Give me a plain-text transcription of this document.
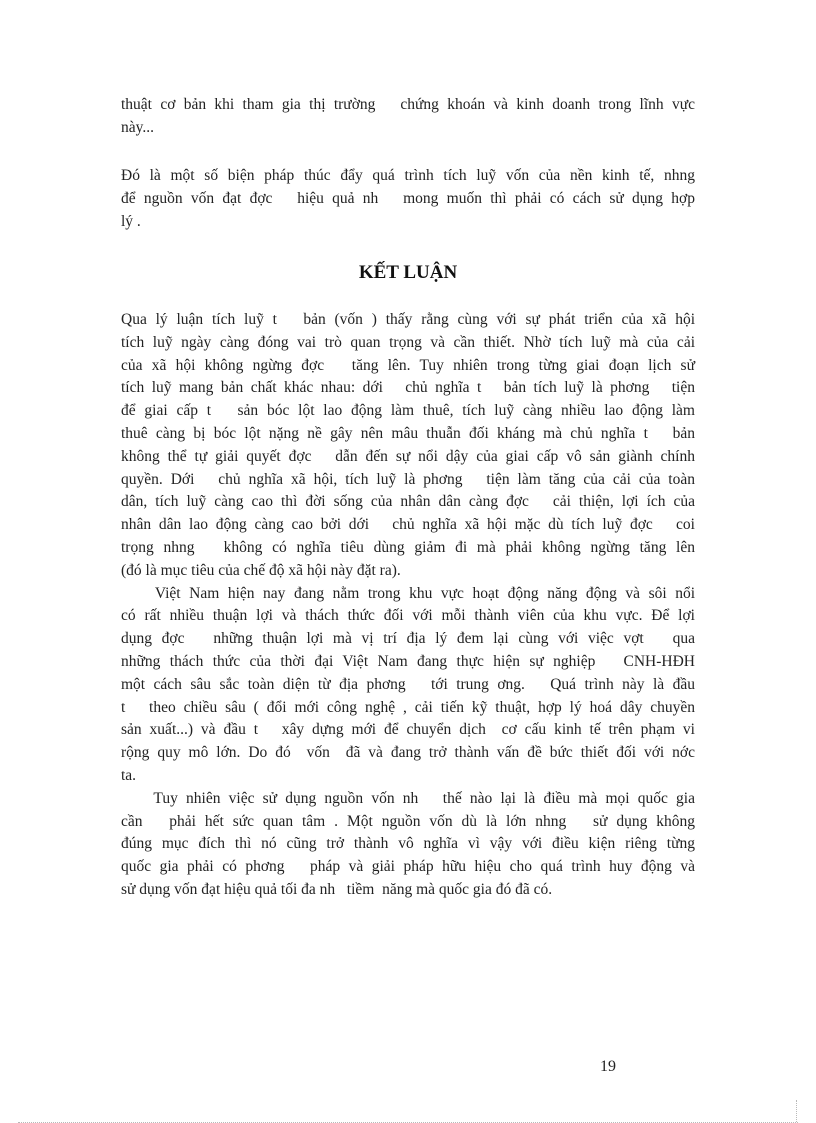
thuật cơ bản khi tham gia thị trường   chứng khoán và kinh doanh trong lĩnh vực
này...
Đó là một số biện pháp thúc đẩy quá trình tích luỹ vốn của nền kinh tế, nhng
để nguồn vốn đạt đợc   hiệu quả nh   mong muốn thì phải có cách sử dụng hợp
lý .
KẾT LUẬN
Qua lý luận tích luỹ t   bản (vốn ) thấy rằng cùng với sự phát triển của xã hội
tích luỹ ngày càng đóng vai trò quan trọng và cần thiết. Nhờ tích luỹ mà của cải
của xã hội không ngừng đợc   tăng lên. Tuy nhiên trong từng giai đoạn lịch sử
tích luỹ mang bản chất khác nhau: dới   chủ nghĩa t   bản tích luỹ là phơng   tiện
để giai cấp t   sản bóc lột lao động làm thuê, tích luỹ càng nhiều lao động làm
thuê càng bị bóc lột nặng nề gây nên mâu thuẫn đối kháng mà chủ nghĩa t   bản
không thể tự giải quyết đợc   dẫn đến sự nổi dậy của giai cấp vô sản giành chính
quyền. Dới   chủ nghĩa xã hội, tích luỹ là phơng   tiện làm tăng của cải của toàn
dân, tích luỹ càng cao thì đời sống của nhân dân càng đợc   cải thiện, lợi ích của
nhân dân lao động càng cao bởi dới   chủ nghĩa xã hội mặc dù tích luỹ đợc   coi
trọng nhng   không có nghĩa tiêu dùng giảm đi mà phải không ngừng tăng lên
(đó là mục tiêu của chế độ xã hội này đặt ra).
Việt Nam hiện nay đang nằm trong khu vực hoạt động năng động và sôi nổi
có rất nhiều thuận lợi và thách thức đối với mỗi thành viên của khu vực. Để lợi
dụng đợc   những thuận lợi mà vị trí địa lý đem lại cùng với việc vợt   qua
những thách thức của thời đại Việt Nam đang thực hiện sự nghiệp   CNH-HĐH
một cách sâu sắc toàn diện từ địa phơng   tới trung ơng.   Quá trình này là đầu
t   theo chiều sâu ( đổi mới công nghệ , cải tiến kỹ thuật, hợp lý hoá dây chuyền
sản xuất...) và đầu t   xây dựng mới để chuyển dịch  cơ cấu kinh tế trên phạm vi
rộng quy mô lớn. Do đó  vốn  đã và đang trở thành vấn đề bức thiết đối với nớc
ta.
Tuy nhiên việc sử dụng nguồn vốn nh   thế nào lại là điều mà mọi quốc gia
cần   phải hết sức quan tâm . Một nguồn vốn dù là lớn nhng   sử dụng không
đúng mục đích thì nó cũng trở thành vô nghĩa vì vậy với điều kiện riêng từng
quốc gia phải có phơng   pháp và giải pháp hữu hiệu cho quá trình huy động và
sử dụng vốn đạt hiệu quả tối đa nh   tiềm  năng mà quốc gia đó đã có.
19
